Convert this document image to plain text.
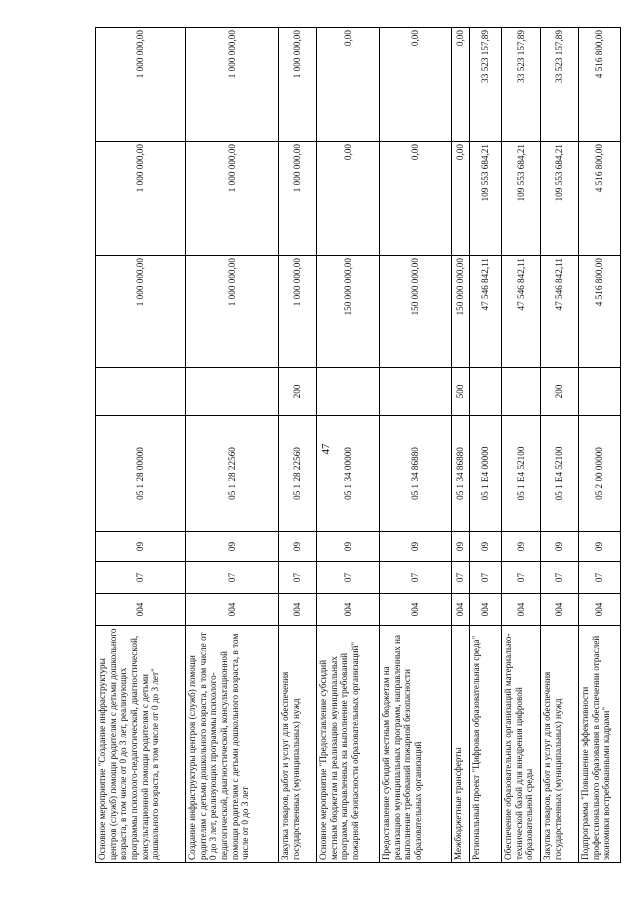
47
Основное мероприятие "Создание инфраструктуры центров (служб) помощи родителям с детьми дошкольного возраста, в том числе от 0 до 3 лет, реализующих программы психолого-педагогической, диагностической, консультационной помощи родителям с детьми дошкольного возраста, в том числе от 0 до 3 лет"	004	07	09	05 1 28 00000		1 000 000,00	1 000 000,00	1 000 000,00
Создание инфраструктуры центров (служб) помощи родителям с детьми дошкольного возраста, в том числе от 0 до 3 лет, реализующих программы психолого-педагогической, диагностической, консультационной помощи родителям с детьми дошкольного возраста, в том числе от 0 до 3 лет	004	07	09	05 1 28 22560		1 000 000,00	1 000 000,00	1 000 000,00
Закупка товаров, работ и услуг для обеспечения государственных (муниципальных) нужд	004	07	09	05 1 28 22560	200	1 000 000,00	1 000 000,00	1 000 000,00
Основное мероприятие "Предоставление субсидий местным бюджетам на реализацию муниципальных программ, направленных на выполнение требований пожарной безопасности образовательных организаций"	004	07	09	05 1 34 00000		150 000 000,00	0,00	0,00
Предоставление субсидий местным бюджетам на реализацию муниципальных программ, направленных на выполнение требований пожарной безопасности образовательных организаций	004	07	09	05 1 34 86880		150 000 000,00	0,00	0,00
Межбюджетные трансферты	004	07	09	05 1 34 86880	500	150 000 000,00	0,00	0,00
Региональный проект "Цифровая образовательная среда"	004	07	09	05 1 E4 00000		47 546 842,11	109 553 684,21	33 523 157,89
Обеспечение образовательных организаций материально-технической базой для внедрения цифровой образовательной среды	004	07	09	05 1 E4 52100		47 546 842,11	109 553 684,21	33 523 157,89
Закупка товаров, работ и услуг для обеспечения государственных (муниципальных) нужд	004	07	09	05 1 E4 52100	200	47 546 842,11	109 553 684,21	33 523 157,89
Подпрограмма "Повышение эффективности профессионального образования в обеспечении отраслей экономики востребованными кадрами"	004	07	09	05 2 00 00000		4 516 800,00	4 516 800,00	4 516 800,00
